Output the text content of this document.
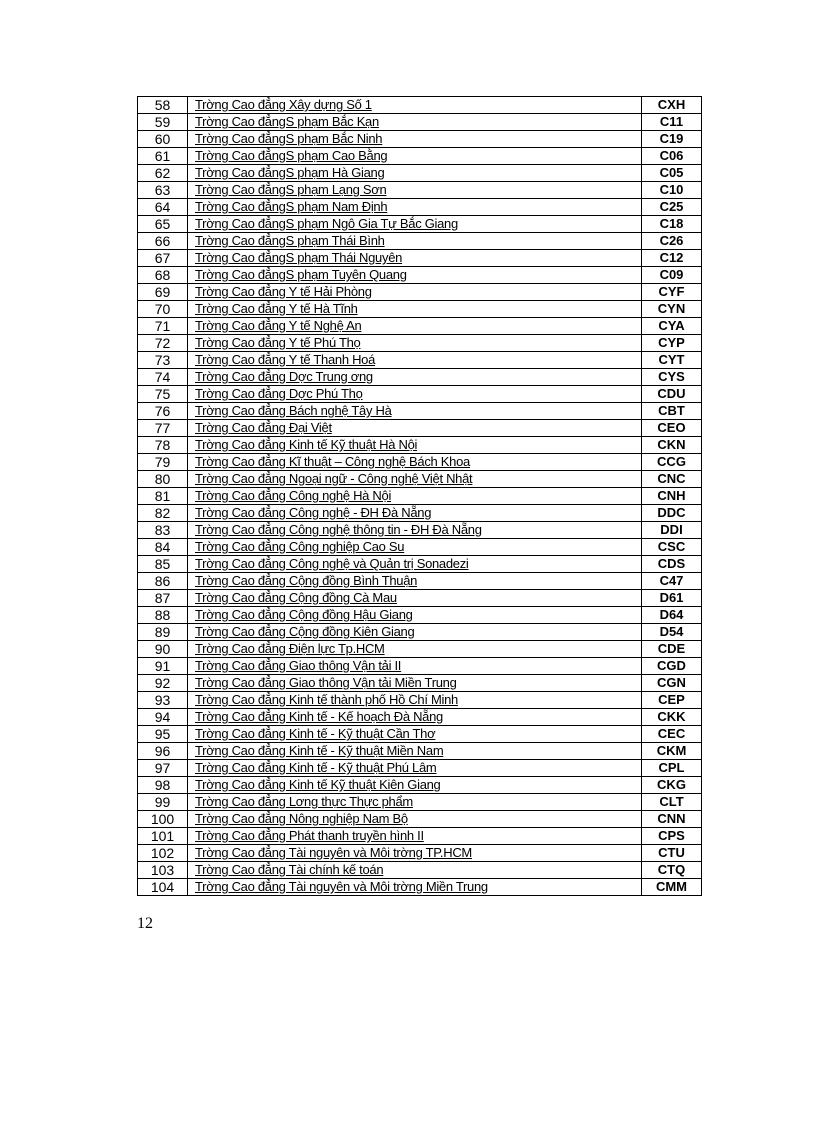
58	Trờng Cao đẳng Xây dựng Số 1	CXH
59	Trờng Cao đẳngS phạm Bắc Kạn	C11
60	Trờng Cao đẳngS phạm Bắc Ninh	C19
61	Trờng Cao đẳngS phạm Cao Bằng	C06
62	Trờng Cao đẳngS phạm Hà Giang	C05
63	Trờng Cao đẳngS phạm Lạng Sơn	C10
64	Trờng Cao đẳngS phạm Nam Định	C25
65	Trờng Cao đẳngS phạm Ngô Gia Tự Bắc Giang	C18
66	Trờng Cao đẳngS phạm Thái Bình	C26
67	Trờng Cao đẳngS phạm Thái Nguyên	C12
68	Trờng Cao đẳngS phạm Tuyên Quang	C09
69	Trờng Cao đẳng Y tế Hải Phòng	CYF
70	Trờng Cao đẳng Y tế Hà Tĩnh	CYN
71	Trờng Cao đẳng Y tế Nghệ An	CYA
72	Trờng Cao đẳng Y tế Phú Thọ	CYP
73	Trờng Cao đẳng Y tế Thanh Hoá	CYT
74	Trờng Cao đẳng Dợc Trung ơng	CYS
75	Trờng Cao đẳng Dợc Phú Thọ	CDU
76	Trờng Cao đẳng Bách nghệ Tây Hà	CBT
77	Trờng Cao đẳng Đại Việt	CEO
78	Trờng Cao đẳng Kinh tế Kỹ thuật Hà Nội	CKN
79	Trờng Cao đẳng Kĩ thuật – Công nghệ Bách Khoa	CCG
80	Trờng Cao đẳng Ngoại ngữ - Công nghệ Việt Nhật	CNC
81	Trờng Cao đẳng Công nghệ Hà Nội	CNH
82	Trờng Cao đẳng Công nghệ - ĐH Đà Nẵng	DDC
83	Trờng Cao đẳng Công nghệ thông tin - ĐH Đà Nẵng	DDI
84	Trờng Cao đẳng Công nghiệp Cao Su	CSC
85	Trờng Cao đẳng Công nghệ và Quản trị Sonadezi	CDS
86	Trờng Cao đẳng Cộng đồng Bình Thuận	C47
87	Trờng Cao đẳng Cộng đồng Cà Mau	D61
88	Trờng Cao đẳng Cộng đồng Hậu Giang	D64
89	Trờng Cao đẳng Cộng đồng Kiên Giang	D54
90	Trờng Cao đẳng Điện lực Tp.HCM	CDE
91	Trờng Cao đẳng Giao thông Vận tải II	CGD
92	Trờng Cao đẳng Giao thông Vận tải Miền Trung	CGN
93	Trờng Cao đẳng Kinh tế thành phố Hồ Chí Minh	CEP
94	Trờng Cao đẳng Kinh tế - Kế hoạch Đà Nẵng	CKK
95	Trờng Cao đẳng Kinh tế - Kỹ thuật Cần Thơ	CEC
96	Trờng Cao đẳng Kinh tế - Kỹ thuật Miền Nam	CKM
97	Trờng Cao đẳng Kinh tế - Kỹ thuật Phú Lâm	CPL
98	Trờng Cao đẳng Kinh tế Kỹ thuật Kiên Giang	CKG
99	Trờng Cao đẳng Lơng thực Thực phẩm	CLT
100	Trờng Cao đẳng Nông nghiệp Nam Bộ	CNN
101	Trờng Cao đẳng Phát thanh truyền hình II	CPS
102	Trờng Cao đẳng Tài nguyên và Môi trờng TP.HCM	CTU
103	Trờng Cao đẳng Tài chính kế toán	CTQ
104	Trờng Cao đẳng Tài nguyên và Môi trờng Miền Trung	CMM
12
